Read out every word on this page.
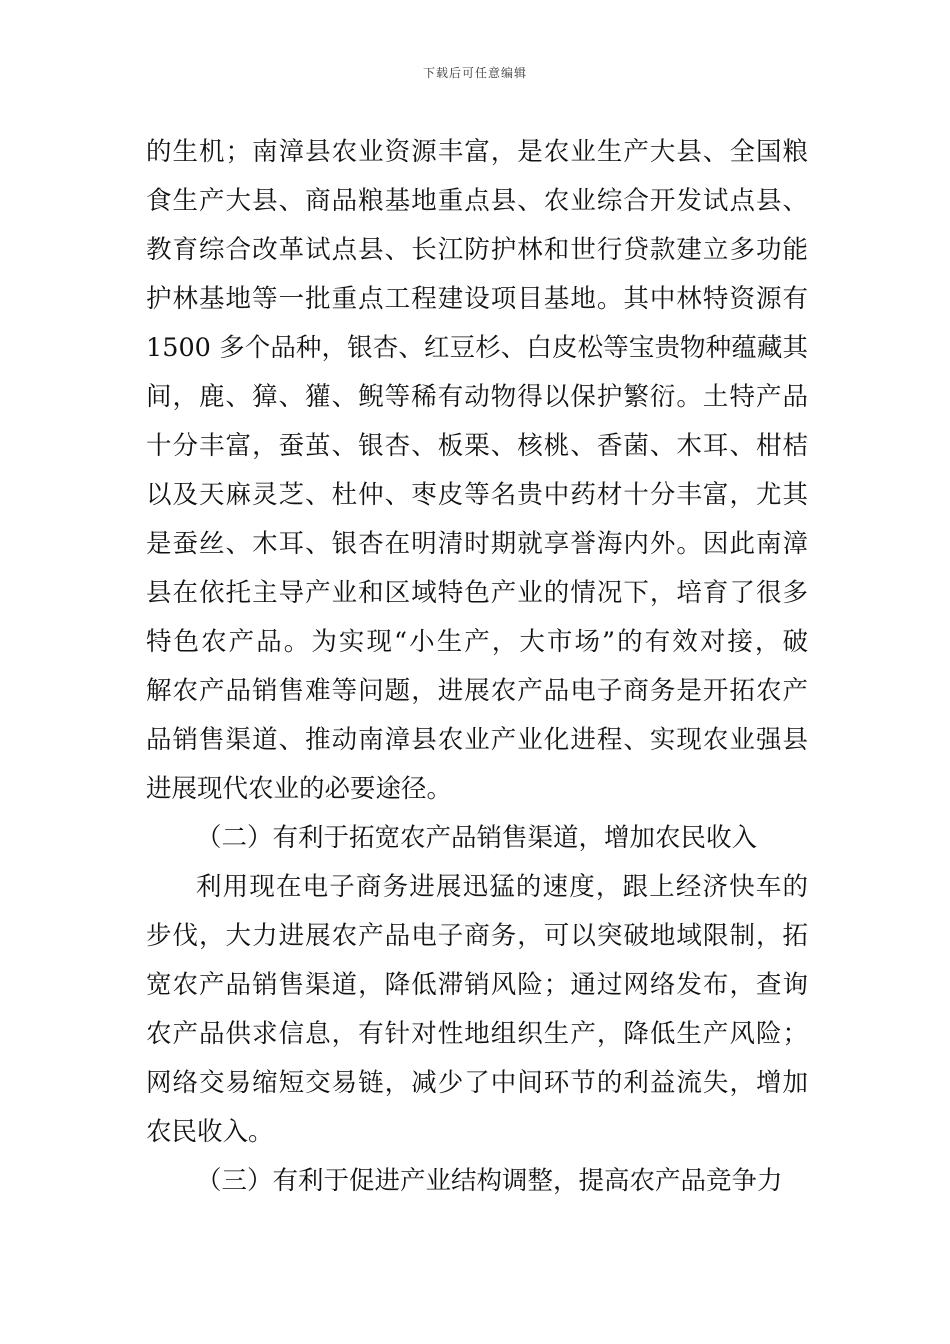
下载后可任意编辑
的生机；南漳县农业资源丰富，是农业生产大县、全国粮
食生产大县、商品粮基地重点县、农业综合开发试点县、
教育综合改革试点县、长江防护林和世行贷款建立多功能
护林基地等一批重点工程建设项目基地。其中林特资源有
1500 多个品种，银杏、红豆杉、白皮松等宝贵物种蕴藏其
间，鹿、獐、獾、鲵等稀有动物得以保护繁衍。土特产品
十分丰富，蚕茧、银杏、板栗、核桃、香菌、木耳、柑桔
以及天麻灵芝、杜仲、枣皮等名贵中药材十分丰富，尤其
是蚕丝、木耳、银杏在明清时期就享誉海内外。因此南漳
县在依托主导产业和区域特色产业的情况下，培育了很多
特色农产品。为实现“小生产，大市场”的有效对接，破
解农产品销售难等问题，进展农产品电子商务是开拓农产
品销售渠道、推动南漳县农业产业化进程、实现农业强县
进展现代农业的必要途径。
（二）有利于拓宽农产品销售渠道，增加农民收入
利用现在电子商务进展迅猛的速度，跟上经济快车的
步伐，大力进展农产品电子商务，可以突破地域限制，拓
宽农产品销售渠道，降低滞销风险；通过网络发布，查询
农产品供求信息，有针对性地组织生产，降低生产风险；
网络交易缩短交易链，减少了中间环节的利益流失，增加
农民收入。
（三）有利于促进产业结构调整，提高农产品竞争力
